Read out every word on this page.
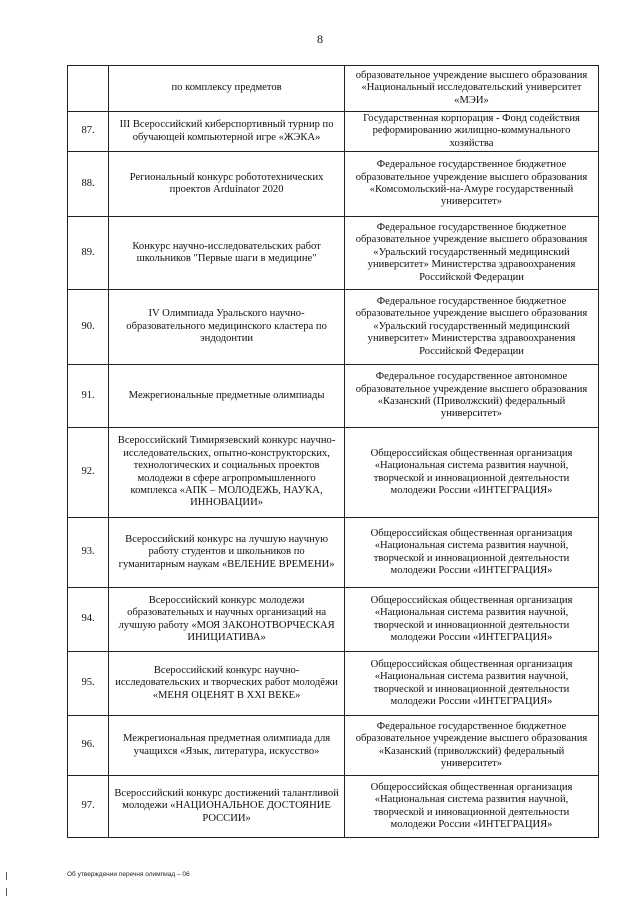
8
	по комплексу предметов	образовательное учреждение высшего образования «Национальный исследовательский университет «МЭИ»
87.	III Всероссийский киберспортивный турнир по обучающей компьютерной игре «ЖЭКА»	Государственная корпорация - Фонд содействия реформированию жилищно-коммунального хозяйства
88.	Региональный конкурс робототехнических проектов Arduinator 2020	Федеральное государственное бюджетное образовательное учреждение высшего образования «Комсомольский-на-Амуре государственный университет»
89.	Конкурс научно-исследовательских работ школьников "Первые шаги в медицине"	Федеральное государственное бюджетное образовательное учреждение высшего образования «Уральский государственный медицинский университет» Министерства здравоохранения Российской Федерации
90.	IV Олимпиада Уральского научно-образовательного медицинского кластера по эндодонтии	Федеральное государственное бюджетное образовательное учреждение высшего образования «Уральский государственный медицинский университет» Министерства здравоохранения Российской Федерации
91.	Межрегиональные предметные олимпиады	Федеральное государственное автономное образовательное учреждение высшего образования «Казанский (Приволжский) федеральный университет»
92.	Всероссийский Тимирязевский конкурс научно-исследовательских, опытно-конструкторских, технологических и социальных проектов молодежи в сфере агропромышленного комплекса «АПК – МОЛОДЕЖЬ, НАУКА, ИННОВАЦИИ»	Общероссийская общественная организация «Национальная система развития научной, творческой и инновационной деятельности молодежи России «ИНТЕГРАЦИЯ»
93.	Всероссийский конкурс на лучшую научную работу студентов и школьников по гуманитарным наукам «ВЕЛЕНИЕ ВРЕМЕНИ»	Общероссийская общественная организация «Национальная система развития научной, творческой и инновационной деятельности молодежи России «ИНТЕГРАЦИЯ»
94.	Всероссийский конкурс молодежи образовательных и научных организаций на лучшую работу «МОЯ ЗАКОНОТВОРЧЕСКАЯ ИНИЦИАТИВА»	Общероссийская общественная организация «Национальная система развития научной, творческой и инновационной деятельности молодежи России «ИНТЕГРАЦИЯ»
95.	Всероссийский конкурс научно-исследовательских и творческих работ молодёжи «МЕНЯ ОЦЕНЯТ В XXI ВЕКЕ»	Общероссийская общественная организация «Национальная система развития научной, творческой и инновационной деятельности молодежи России «ИНТЕГРАЦИЯ»
96.	Межрегиональная предметная олимпиада для учащихся «Язык, литература, искусство»	Федеральное государственное бюджетное образовательное учреждение высшего образования «Казанский (приволжский) федеральный университет»
97.	Всероссийский конкурс достижений талантливой молодежи «НАЦИОНАЛЬНОЕ ДОСТОЯНИЕ РОССИИ»	Общероссийская общественная организация «Национальная система развития научной, творческой и инновационной деятельности молодежи России «ИНТЕГРАЦИЯ»
Об утверждении перечня олимпиад – 06
